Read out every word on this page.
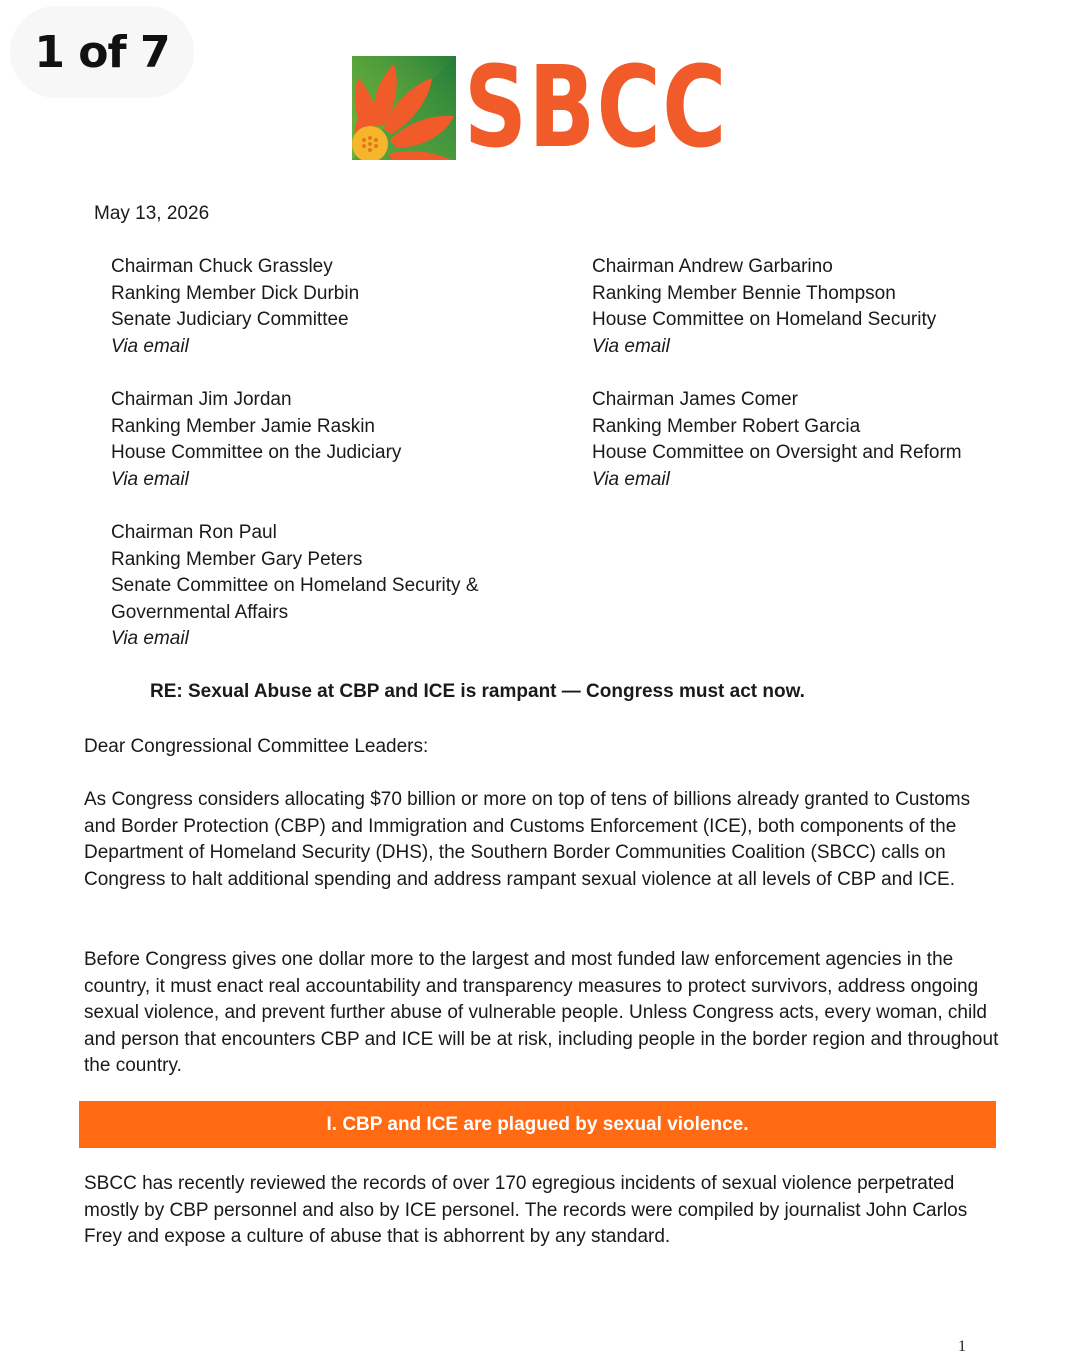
1 of 7	SBCC
May 13, 2026
Chairman Chuck Grassley
Ranking Member Dick Durbin
Senate Judiciary Committee
Via email
Chairman Andrew Garbarino
Ranking Member Bennie Thompson
House Committee on Homeland Security
Via email
Chairman Jim Jordan
Ranking Member Jamie Raskin
House Committee on the Judiciary
Via email
Chairman James Comer
Ranking Member Robert Garcia
House Committee on Oversight and Reform
Via email
Chairman Ron Paul
Ranking Member Gary Peters
Senate Committee on Homeland Security &
Governmental Affairs
Via email
RE: Sexual Abuse at CBP and ICE is rampant — Congress must act now.
Dear Congressional Committee Leaders:

As Congress considers allocating $70 billion or more on top of tens of billions already granted to Customs and Border Protection (CBP) and Immigration and Customs Enforcement (ICE), both components of the Department of Homeland Security (DHS), the Southern Border Communities Coalition (SBCC) calls on Congress to halt additional spending and address rampant sexual violence at all levels of CBP and ICE.

Before Congress gives one dollar more to the largest and most funded law enforcement agencies in the country, it must enact real accountability and transparency measures to protect survivors, address ongoing sexual violence, and prevent further abuse of vulnerable people. Unless Congress acts, every woman, child and person that encounters CBP and ICE will be at risk, including people in the border region and throughout the country.

I. CBP and ICE are plagued by sexual violence.

SBCC has recently reviewed the records of over 170 egregious incidents of sexual violence perpetrated mostly by CBP personnel and also by ICE personel. The records were compiled by journalist John Carlos Frey and expose a culture of abuse that is abhorrent by any standard.

1
